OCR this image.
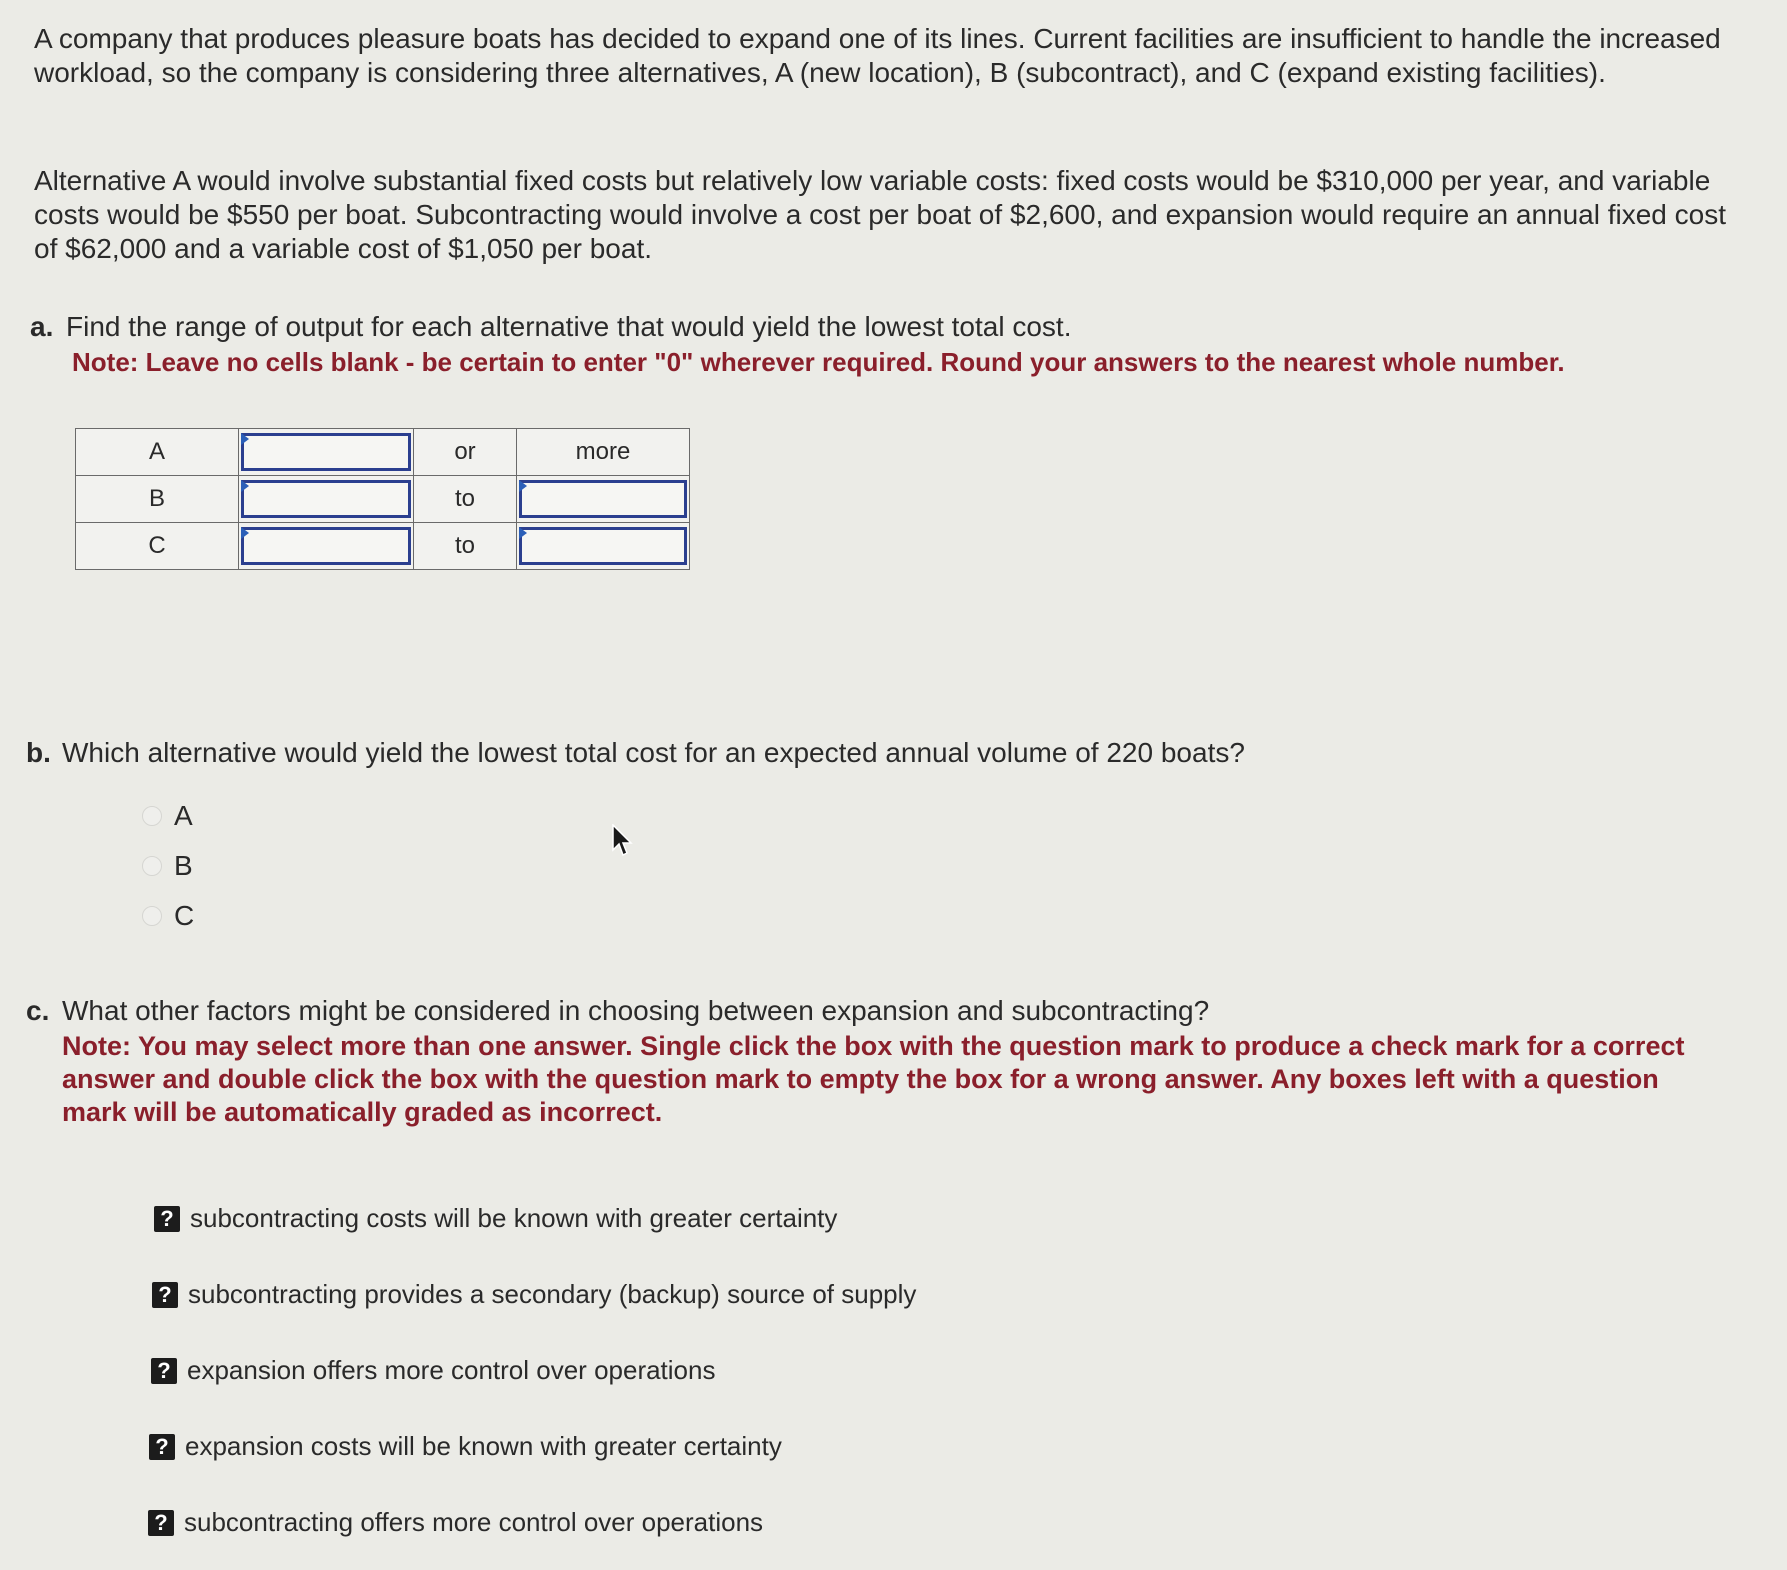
A company that produces pleasure boats has decided to expand one of its lines. Current facilities are insufficient to handle the increased workload, so the company is considering three alternatives, A (new location), B (subcontract), and C (expand existing facilities).

Alternative A would involve substantial fixed costs but relatively low variable costs: fixed costs would be $310,000 per year, and variable costs would be $550 per boat. Subcontracting would involve a cost per boat of $2,600, and expansion would require an annual fixed cost of $62,000 and a variable cost of $1,050 per boat.

a. Find the range of output for each alternative that would yield the lowest total cost.
Note: Leave no cells blank - be certain to enter "0" wherever required. Round your answers to the nearest whole number.
A		or	more
B		to	

C		to	
b. Which alternative would yield the lowest total cost for an expected annual volume of 220 boats?
A
B
C
c. What other factors might be considered in choosing between expansion and subcontracting?
Note: You may select more than one answer. Single click the box with the question mark to produce a check mark for a correct
answer and double click the box with the question mark to empty the box for a wrong answer. Any boxes left with a question
mark will be automatically graded as incorrect.
? subcontracting costs will be known with greater certainty
? subcontracting provides a secondary (backup) source of supply
? expansion offers more control over operations
? expansion costs will be known with greater certainty
? subcontracting offers more control over operations
